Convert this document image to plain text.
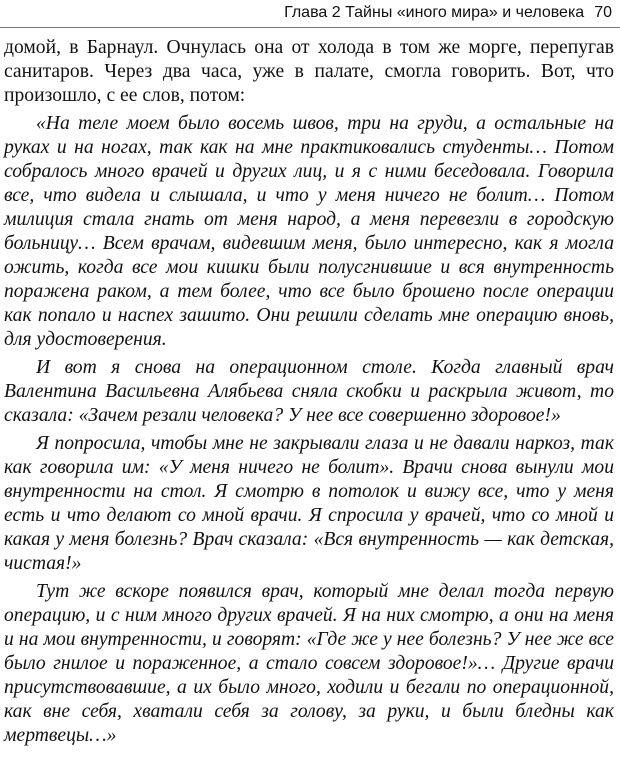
Глава 2 Тайны «иного мира» и человека 70

домой, в Барнаул. Очнулась она от холода в том же морге, перепугав санитаров. Через два часа, уже в палате, смогла говорить. Вот, что произошло, с ее слов, потом:

«На теле моем было восемь швов, три на груди, а остальные на руках и на ногах, так как на мне практиковались студенты… Потом собралось много врачей и других лиц, и я с ними беседовала. Говорила все, что видела и слышала, и что у меня ничего не болит… Потом милиция стала гнать от меня народ, а меня перевезли в городскую больницу… Всем врачам, видевшим меня, было интересно, как я могла ожить, когда все мои кишки были полусгнившие и вся внутренность поражена раком, а тем более, что все было брошено после операции как попало и наспех зашито. Они решили сделать мне операцию вновь, для удостоверения.

И вот я снова на операционном столе. Когда главный врач Валентина Васильевна Алябьева сняла скобки и раскрыла живот, то сказала: «Зачем резали человека? У нее все совершенно здоровое!»

Я попросила, чтобы мне не закрывали глаза и не давали наркоз, так как говорила им: «У меня ничего не болит». Врачи снова вынули мои внутренности на стол. Я смотрю в потолок и вижу все, что у меня есть и что делают со мной врачи. Я спросила у врачей, что со мной и какая у меня болезнь? Врач сказала: «Вся внутренность — как детская, чистая!»

Тут же вскоре появился врач, который мне делал тогда первую операцию, и с ним много других врачей. Я на них смотрю, а они на меня и на мои внутренности, и говорят: «Где же у нее болезнь? У нее же все было гнилое и пораженное, а стало совсем здоровое!»… Другие врачи присутствовавшие, а их было много, ходили и бегали по операционной, как вне себя, хватали себя за голову, за руки, и были бледны как мертвецы…»
